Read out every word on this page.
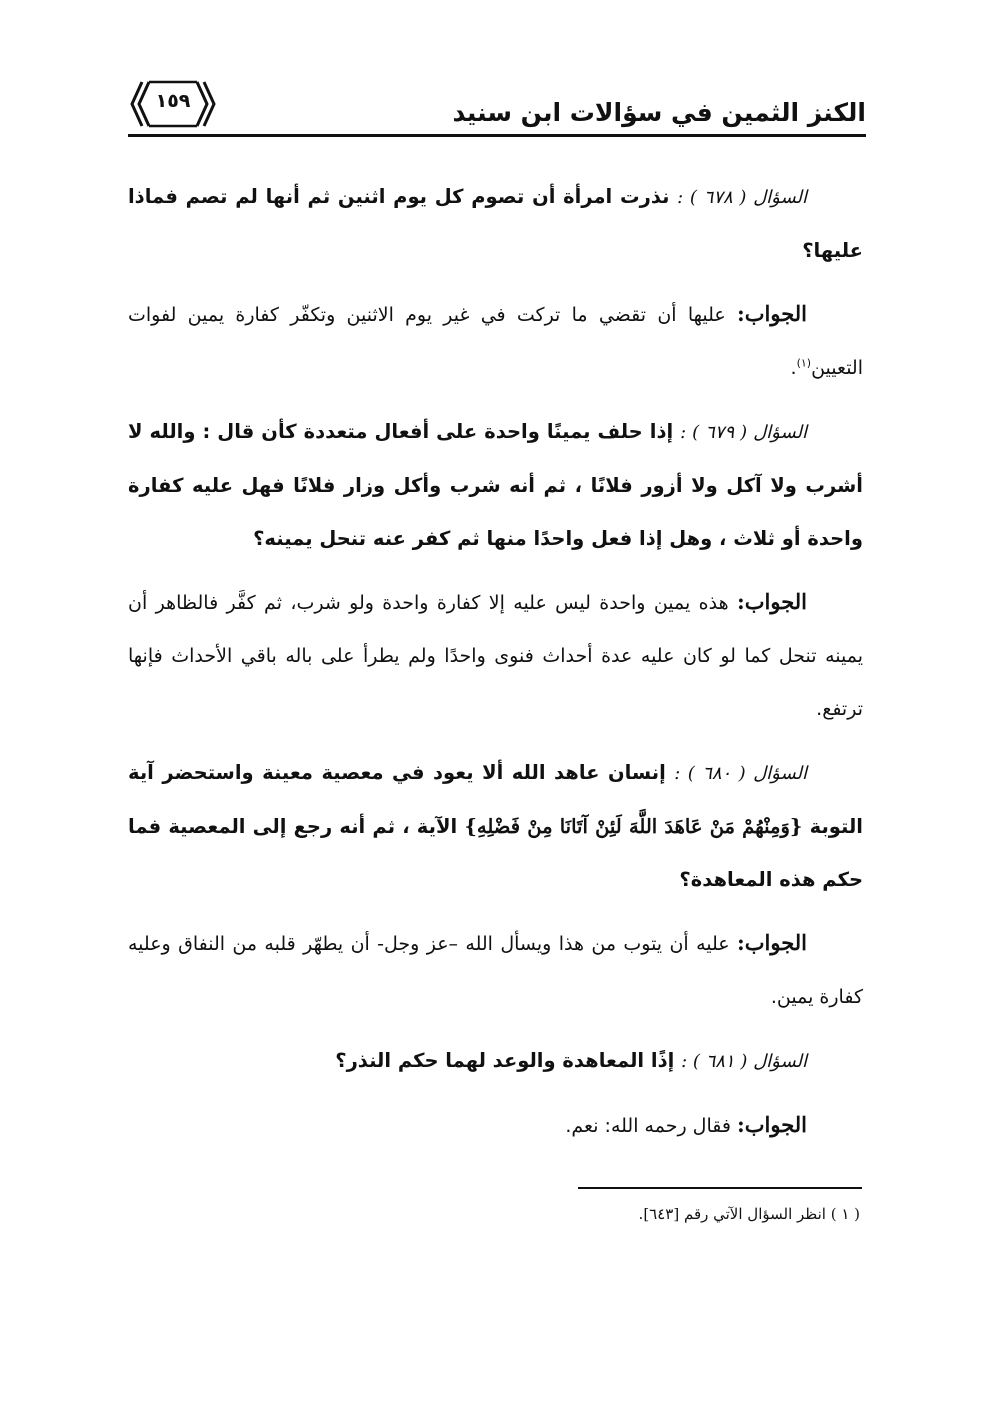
١٥٩	الكنز الثمين في سؤالات ابن سنيد

السؤال ( ٦٧٨ ) : نذرت امرأة أن تصوم كل يوم اثنين ثم أنها لم تصم فماذا عليها؟

الجواب: عليها أن تقضي ما تركت في غير يوم الاثنين وتكفّر كفارة يمين لفوات التعيين$^{(١)}$.

السؤال ( ٦٧٩ ) : إذا حلف يمينًا واحدة على أفعال متعددة كأن قال : والله لا أشرب ولا آكل ولا أزور فلانًا ، ثم أنه شرب وأكل وزار فلانًا فهل عليه كفارة واحدة أو ثلاث ، وهل إذا فعل واحدًا منها ثم كفر عنه تنحل يمينه؟

الجواب: هذه يمين واحدة ليس عليه إلا كفارة واحدة ولو شرب، ثم كفَّر فالظاهر أن يمينه تنحل كما لو كان عليه عدة أحداث فنوى واحدًا ولم يطرأ على باله باقي الأحداث فإنها ترتفع.

السؤال ( ٦٨٠ ) : إنسان عاهد الله ألا يعود في معصية معينة واستحضر آية التوبة {وَمِنْهُمْ مَنْ عَاهَدَ اللَّهَ لَئِنْ آتَانَا مِنْ فَضْلِهِ} الآية ، ثم أنه رجع إلى المعصية فما حكم هذه المعاهدة؟

الجواب: عليه أن يتوب من هذا ويسأل الله –عز وجل- أن يطهّر قلبه من النفاق وعليه كفارة يمين.

السؤال ( ٦٨١ ) : إذًا المعاهدة والوعد لهما حكم النذر؟

الجواب: فقال رحمه الله: نعم.

( ١ ) انظر السؤال الآتي رقم [٦٤٣].
